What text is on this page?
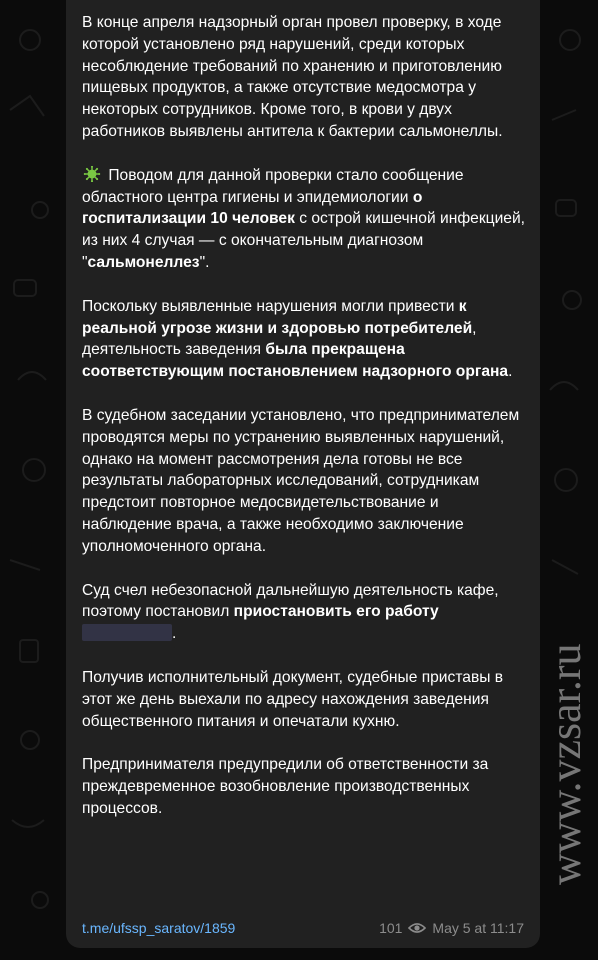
В конце апреля надзорный орган провел проверку, в ходе которой установлено ряд нарушений, среди которых несоблюдение требований по хранению и приготовлению пищевых продуктов, а также отсутствие медосмотра у некоторых сотрудников. Кроме того, в крови у двух работников выявлены антитела к бактерии сальмонеллы.

Поводом для данной проверки стало сообщение областного центра гигиены и эпидемиологии о госпитализации 10 человек с острой кишечной инфекцией, из них 4 случая — с окончательным диагнозом "сальмонеллез".

Поскольку выявленные нарушения могли привести к реальной угрозе жизни и здоровью потребителей, деятельность заведения была прекращена соответствующим постановлением надзорного органа.

В судебном заседании установлено, что предпринимателем проводятся меры по устранению выявленных нарушений, однако на момент рассмотрения дела готовы не все результаты лабораторных исследований, сотрудникам предстоит повторное медосвидетельствование и наблюдение врача, а также необходимо заключение уполномоченного органа.

Суд счел небезопасной дальнейшую деятельность кафе, поэтому постановил приостановить его работу .

Получив исполнительный документ, судебные приставы в этот же день выехали по адресу нахождения заведения общественного питания и опечатали кухню.

Предпринимателя предупредили об ответственности за преждевременное возобновление производственных процессов.

t.me/ufssp_saratov/1859	101 May 5 at 11:17
www.vzsar.ru
